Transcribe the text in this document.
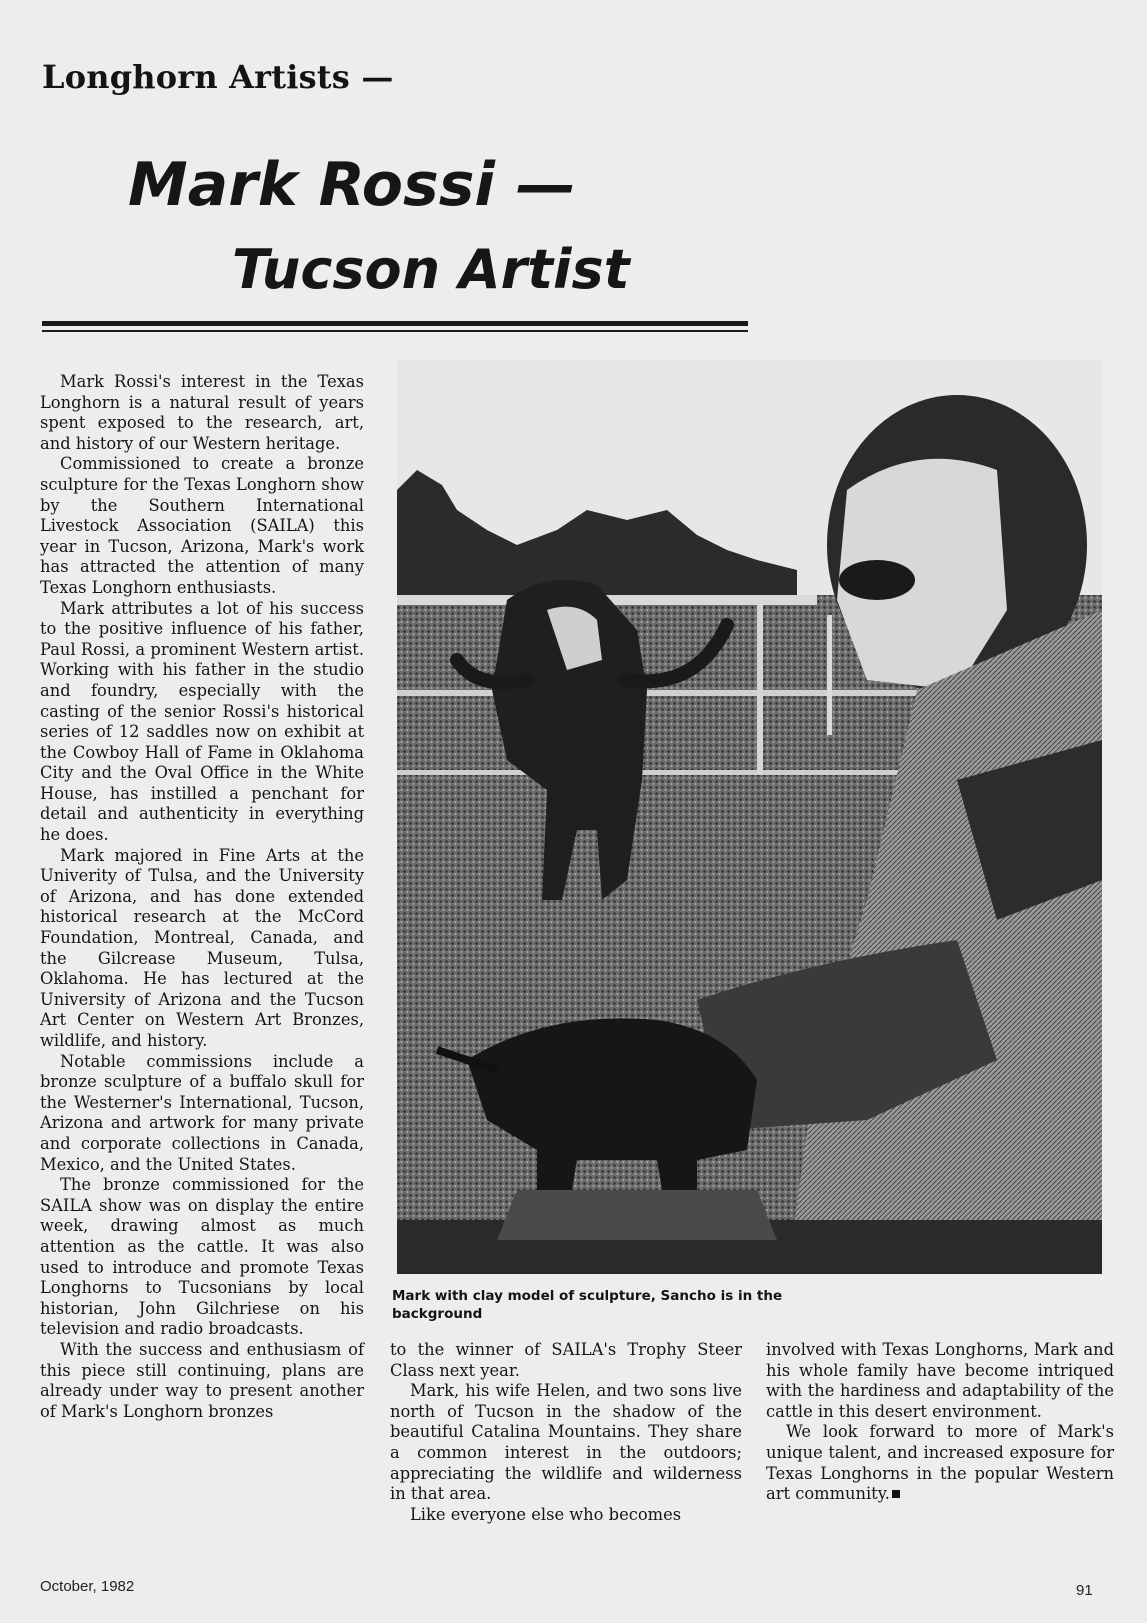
Longhorn Artists —
Mark Rossi —
Tucson Artist

Mark Rossi's interest in the Texas Longhorn is a natural result of years spent exposed to the research, art, and history of our Western heritage.

Commissioned to create a bronze sculpture for the Texas Longhorn show by the Southern International Livestock Association (SAILA) this year in Tucson, Arizona, Mark's work has attracted the attention of many Texas Longhorn enthusiasts.

Mark attributes a lot of his success to the positive influence of his father, Paul Rossi, a prominent Western artist. Working with his father in the studio and foundry, especially with the casting of the senior Rossi's historical series of 12 saddles now on exhibit at the Cowboy Hall of Fame in Oklahoma City and the Oval Office in the White House, has instilled a penchant for detail and authenticity in everything he does.

Mark majored in Fine Arts at the Univerity of Tulsa, and the University of Arizona, and has done extended historical research at the McCord Foundation, Montreal, Canada, and the Gilcrease Museum, Tulsa, Oklahoma. He has lectured at the University of Arizona and the Tucson Art Center on Western Art Bronzes, wildlife, and history.

Notable commissions include a bronze sculpture of a buffalo skull for the Westerner's International, Tucson, Arizona and artwork for many private and corporate collections in Canada, Mexico, and the United States.

The bronze commissioned for the SAILA show was on display the entire week, drawing almost as much attention as the cattle. It was also used to introduce and promote Texas Longhorns to Tucsonians by local historian, John Gilchriese on his television and radio broadcasts.

With the success and enthusiasm of this piece still continuing, plans are already under way to present another of Mark's Longhorn bronzes

Mark with clay model of sculpture, Sancho is in the background

to the winner of SAILA's Trophy Steer Class next year.

Mark, his wife Helen, and two sons live north of Tucson in the shadow of the beautiful Catalina Mountains. They share a common interest in the outdoors; appreciating the wildlife and wilderness in that area.

Like everyone else who becomes

involved with Texas Longhorns, Mark and his whole family have become intriqued with the hardiness and adaptability of the cattle in this desert environment.

We look forward to more of Mark's unique talent, and increased exposure for Texas Longhorns in the popular Western art community.

October, 1982	91
